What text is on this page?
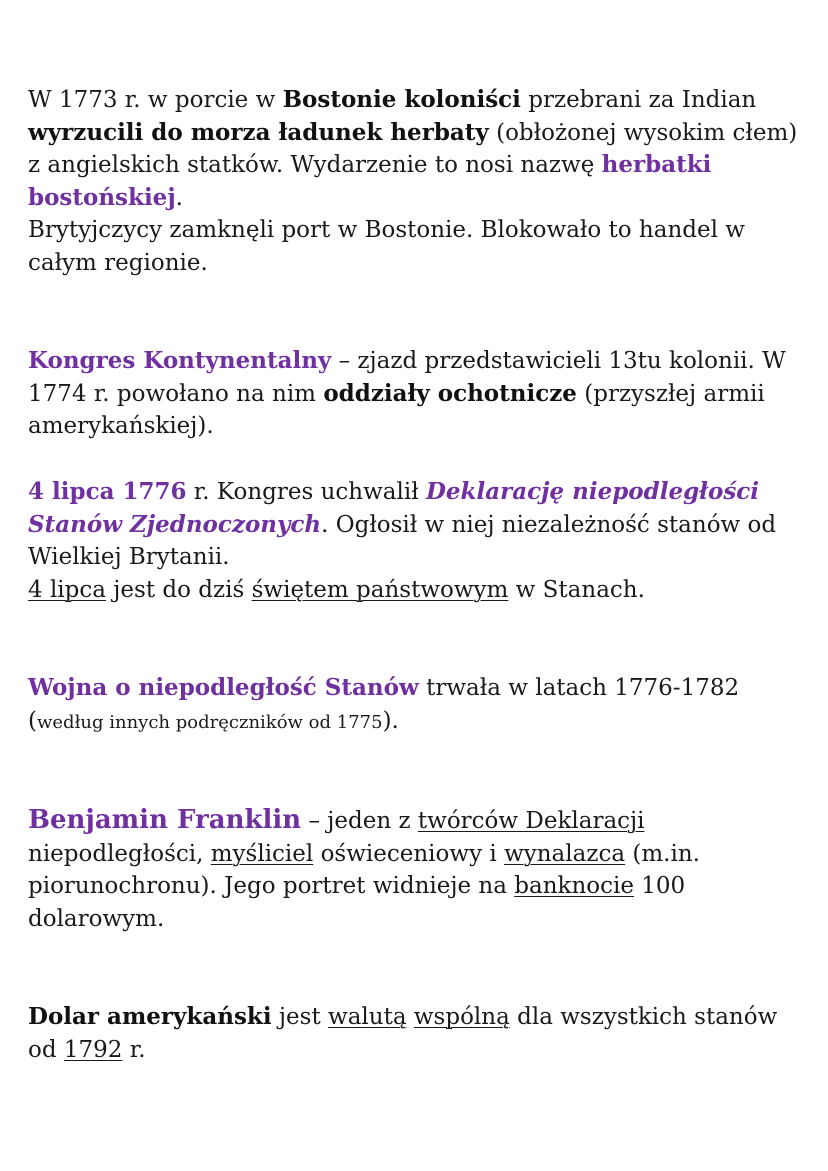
W 1773 r. w porcie w Bostonie koloniści przebrani za Indian wyrzucili do morza ładunek herbaty (obłożonej wysokim cłem) z angielskich statków. Wydarzenie to nosi nazwę herbatki bostońskiej.
Brytyjczycy zamknęli port w Bostonie. Blokowało to handel w całym regionie.

Kongres Kontynentalny – zjazd przedstawicieli 13tu kolonii. W 1774 r. powołano na nim oddziały ochotnicze (przyszłej armii amerykańskiej).

4 lipca 1776 r. Kongres uchwalił Deklarację niepodległości Stanów Zjednoczonych. Ogłosił w niej niezależność stanów od Wielkiej Brytanii.
4 lipca jest do dziś świętem państwowym w Stanach.

Wojna o niepodległość Stanów trwała w latach 1776-1782 (według innych podręczników od 1775).

Benjamin Franklin – jeden z twórców Deklaracji niepodległości, myśliciel oświeceniowy i wynalazca (m.in. piorunochronu). Jego portret widnieje na banknocie 100 dolarowym.

Dolar amerykański jest walutą wspólną dla wszystkich stanów od 1792 r.
